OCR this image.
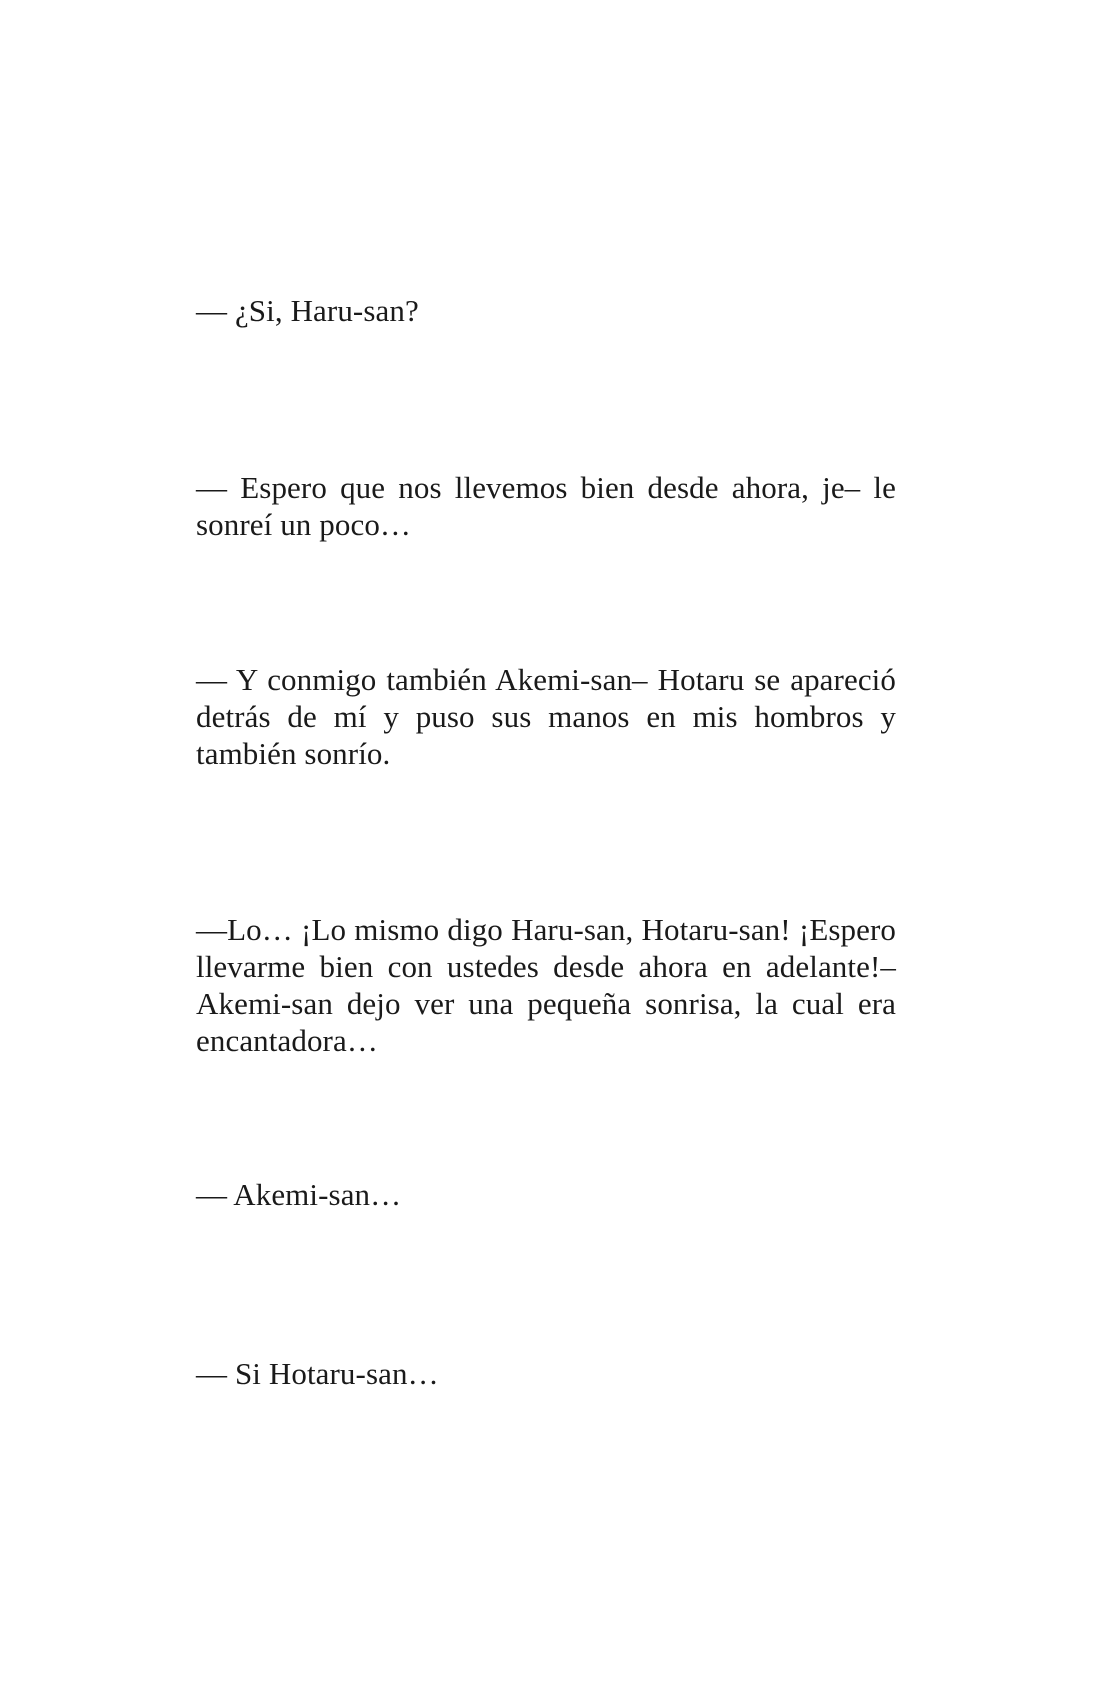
— ¿Si, Haru-san?

— Espero que nos llevemos bien desde ahora, je– le sonreí un poco…

— Y conmigo también Akemi-san– Hotaru se apareció detrás de mí y puso sus manos en mis hombros y también sonrío.

—Lo… ¡Lo mismo digo Haru-san, Hotaru-san! ¡Espero llevarme bien con ustedes desde ahora en adelante!– Akemi-san dejo ver una pequeña sonrisa, la cual era encantadora…

— Akemi-san…

— Si Hotaru-san…
